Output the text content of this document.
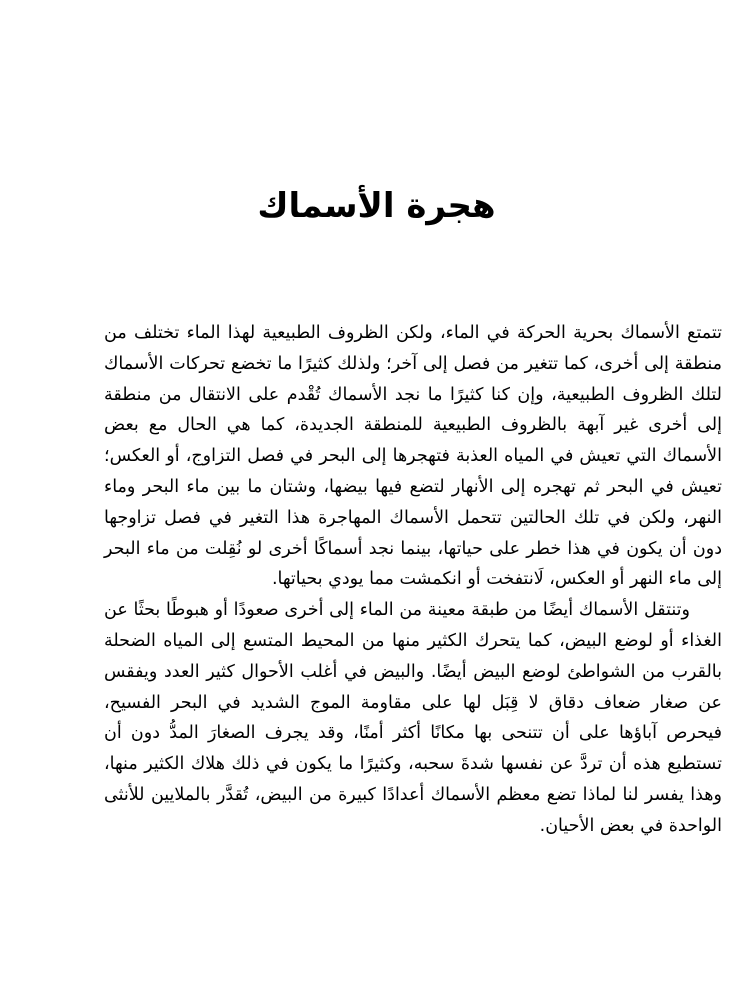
هجرة الأسماك

تتمتع الأسماك بحرية الحركة في الماء، ولكن الظروف الطبيعية لهذا الماء تختلف من منطقة إلى أخرى، كما تتغير من فصل إلى آخر؛ ولذلك كثيرًا ما تخضع تحركات الأسماك لتلك الظروف الطبيعية، وإن كنا كثيرًا ما نجد الأسماك تُقْدم على الانتقال من منطقة إلى أخرى غير آبهة بالظروف الطبيعية للمنطقة الجديدة، كما هي الحال مع بعض الأسماك التي تعيش في المياه العذبة فتهجرها إلى البحر في فصل التزاوج، أو العكس؛ تعيش في البحر ثم تهجره إلى الأنهار لتضع فيها بيضها، وشتان ما بين ماء البحر وماء النهر، ولكن في تلك الحالتين تتحمل الأسماك المهاجرة هذا التغير في فصل تزاوجها دون أن يكون في هذا خطر على حياتها، بينما نجد أسماكًا أخرى لو نُقِلت من ماء البحر إلى ماء النهر أو العكس، لَانتفخت أو انكمشت مما يودي بحياتها.

وتنتقل الأسماك أيضًا من طبقة معينة من الماء إلى أخرى صعودًا أو هبوطًا بحثًا عن الغذاء أو لوضع البيض، كما يتحرك الكثير منها من المحيط المتسع إلى المياه الضحلة بالقرب من الشواطئ لوضع البيض أيضًا. والبيض في أغلب الأحوال كثير العدد ويفقس عن صغار ضعاف دقاق لا قِبَل لها على مقاومة الموج الشديد في البحر الفسيح، فيحرص آباؤها على أن تتنحى بها مكانًا أكثر أمنًا، وقد يجرف الصغارَ المدُّ دون أن تستطيع هذه أن تردَّ عن نفسها شدةَ سحبه، وكثيرًا ما يكون في ذلك هلاك الكثير منها، وهذا يفسر لنا لماذا تضع معظم الأسماك أعدادًا كبيرة من البيض، تُقدَّر بالملايين للأنثى الواحدة في بعض الأحيان.
